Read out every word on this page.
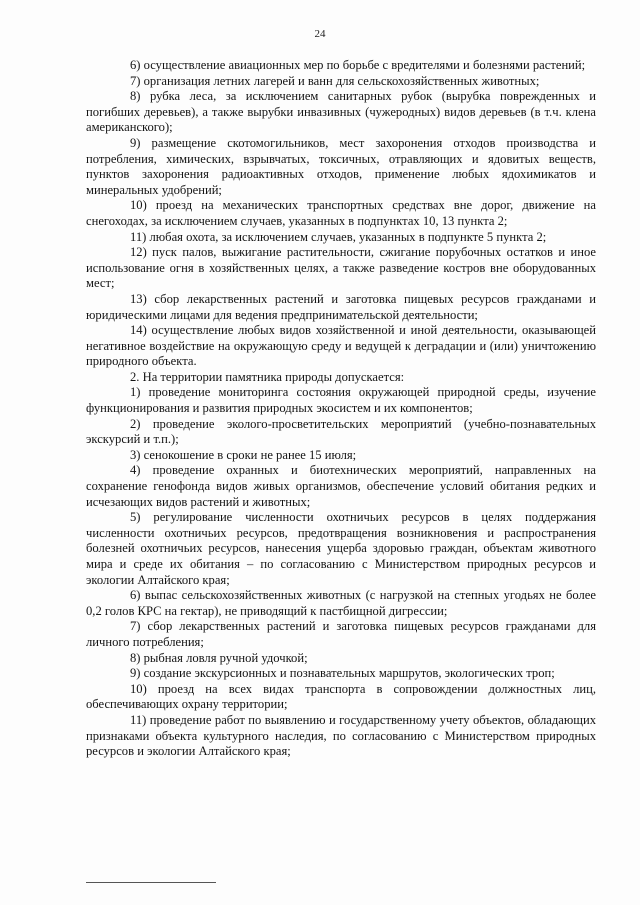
24

6) осуществление авиационных мер по борьбе с вредителями и болезнями растений;

7) организация летних лагерей и ванн для сельскохозяйственных животных;

8) рубка леса, за исключением санитарных рубок (вырубка поврежденных и погибших деревьев), а также вырубки инвазивных (чужеродных) видов деревьев (в т.ч. клена американского);

9) размещение скотомогильников, мест захоронения отходов производства и потребления, химических, взрывчатых, токсичных, отравляющих и ядовитых веществ, пунктов захоронения радиоактивных отходов, применение любых ядохимикатов и минеральных удобрений;

10) проезд на механических транспортных средствах вне дорог, движение на снегоходах, за исключением случаев, указанных в подпунктах 10, 13 пункта 2;

11) любая охота, за исключением случаев, указанных в подпункте 5 пункта 2;

12) пуск палов, выжигание растительности, сжигание порубочных остатков и иное использование огня в хозяйственных целях, а также разведение костров вне оборудованных мест;

13) сбор лекарственных растений и заготовка пищевых ресурсов гражданами и юридическими лицами для ведения предпринимательской деятельности;

14) осуществление любых видов хозяйственной и иной деятельности, оказывающей негативное воздействие на окружающую среду и ведущей к деградации и (или) уничтожению природного объекта.

2. На территории памятника природы допускается:

1) проведение мониторинга состояния окружающей природной среды, изучение функционирования и развития природных экосистем и их компонентов;

2) проведение эколого-просветительских мероприятий (учебно-познавательных экскурсий и т.п.);

3) сенокошение в сроки не ранее 15 июля;

4) проведение охранных и биотехнических мероприятий, направленных на сохранение генофонда видов живых организмов, обеспечение условий обитания редких и исчезающих видов растений и животных;

5) регулирование численности охотничьих ресурсов в целях поддержания численности охотничьих ресурсов, предотвращения возникновения и распространения болезней охотничьих ресурсов, нанесения ущерба здоровью граждан, объектам животного мира и среде их обитания – по согласованию с Министерством природных ресурсов и экологии Алтайского края;

6) выпас сельскохозяйственных животных (с нагрузкой на степных угодьях не более 0,2 голов КРС на гектар), не приводящий к пастбищной дигрессии;

7) сбор лекарственных растений и заготовка пищевых ресурсов гражданами для личного потребления;

8) рыбная ловля ручной удочкой;

9) создание экскурсионных и познавательных маршрутов, экологических троп;

10) проезд на всех видах транспорта в сопровождении должностных лиц, обеспечивающих охрану территории;

11) проведение работ по выявлению и государственному учету объектов, обладающих признаками объекта культурного наследия, по согласованию с Министерством природных ресурсов и экологии Алтайского края;
